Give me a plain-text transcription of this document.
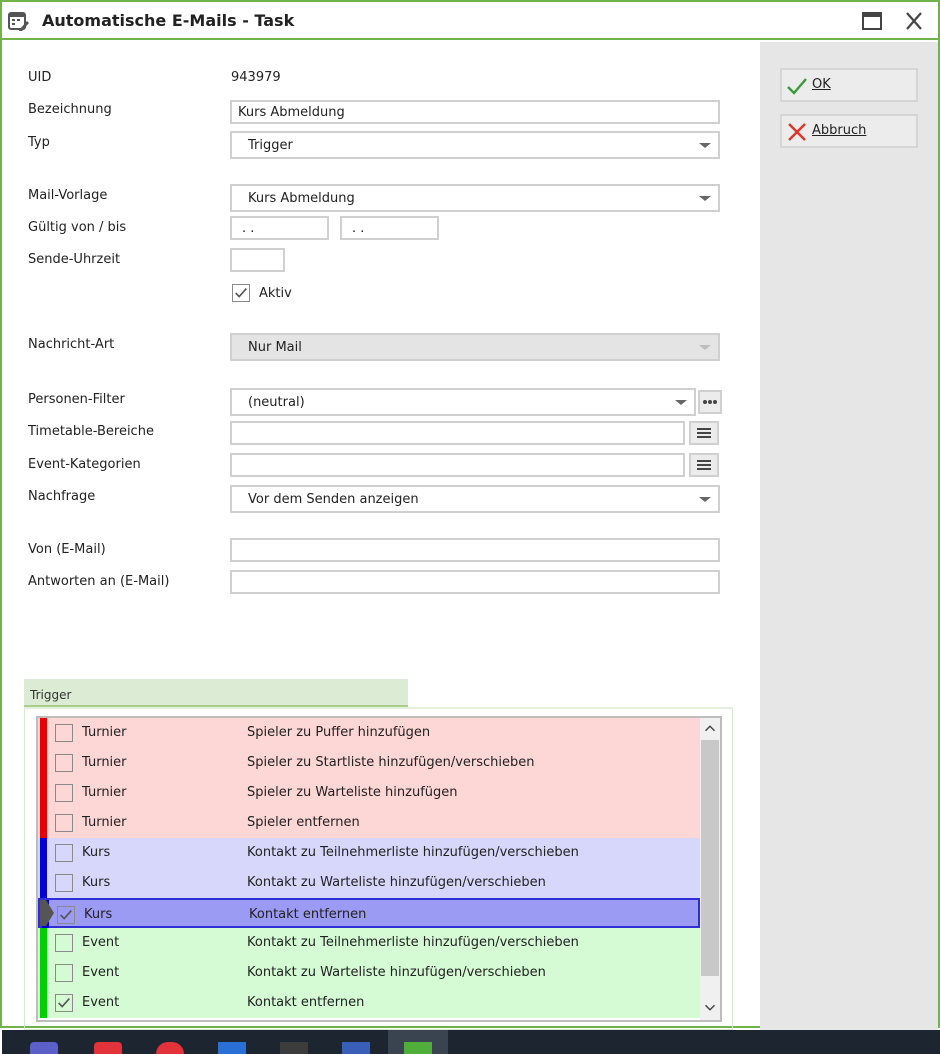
Automatische E-Mails - Task
OK
Abbruch
UID	943979
Bezeichnung	Kurs Abmeldung
Typ	Trigger
Mail-Vorlage	Kurs Abmeldung
Gültig von / bis	. .	. .
Sende-Uhrzeit
Aktiv
Nachricht-Art	Nur Mail
Personen-Filter	(neutral)
Timetable-Bereiche
Event-Kategorien
Nachfrage	Vor dem Senden anzeigen
Von (E-Mail)
Antworten an (E-Mail)
Trigger
Turnier	Spieler zu Puffer hinzufügen
Turnier	Spieler zu Startliste hinzufügen/verschieben
Turnier	Spieler zu Warteliste hinzufügen
Turnier	Spieler entfernen
Kurs	Kontakt zu Teilnehmerliste hinzufügen/verschieben
Kurs	Kontakt zu Warteliste hinzufügen/verschieben
Kurs	Kontakt entfernen
Event	Kontakt zu Teilnehmerliste hinzufügen/verschieben
Event	Kontakt zu Warteliste hinzufügen/verschieben
Event	Kontakt entfernen
